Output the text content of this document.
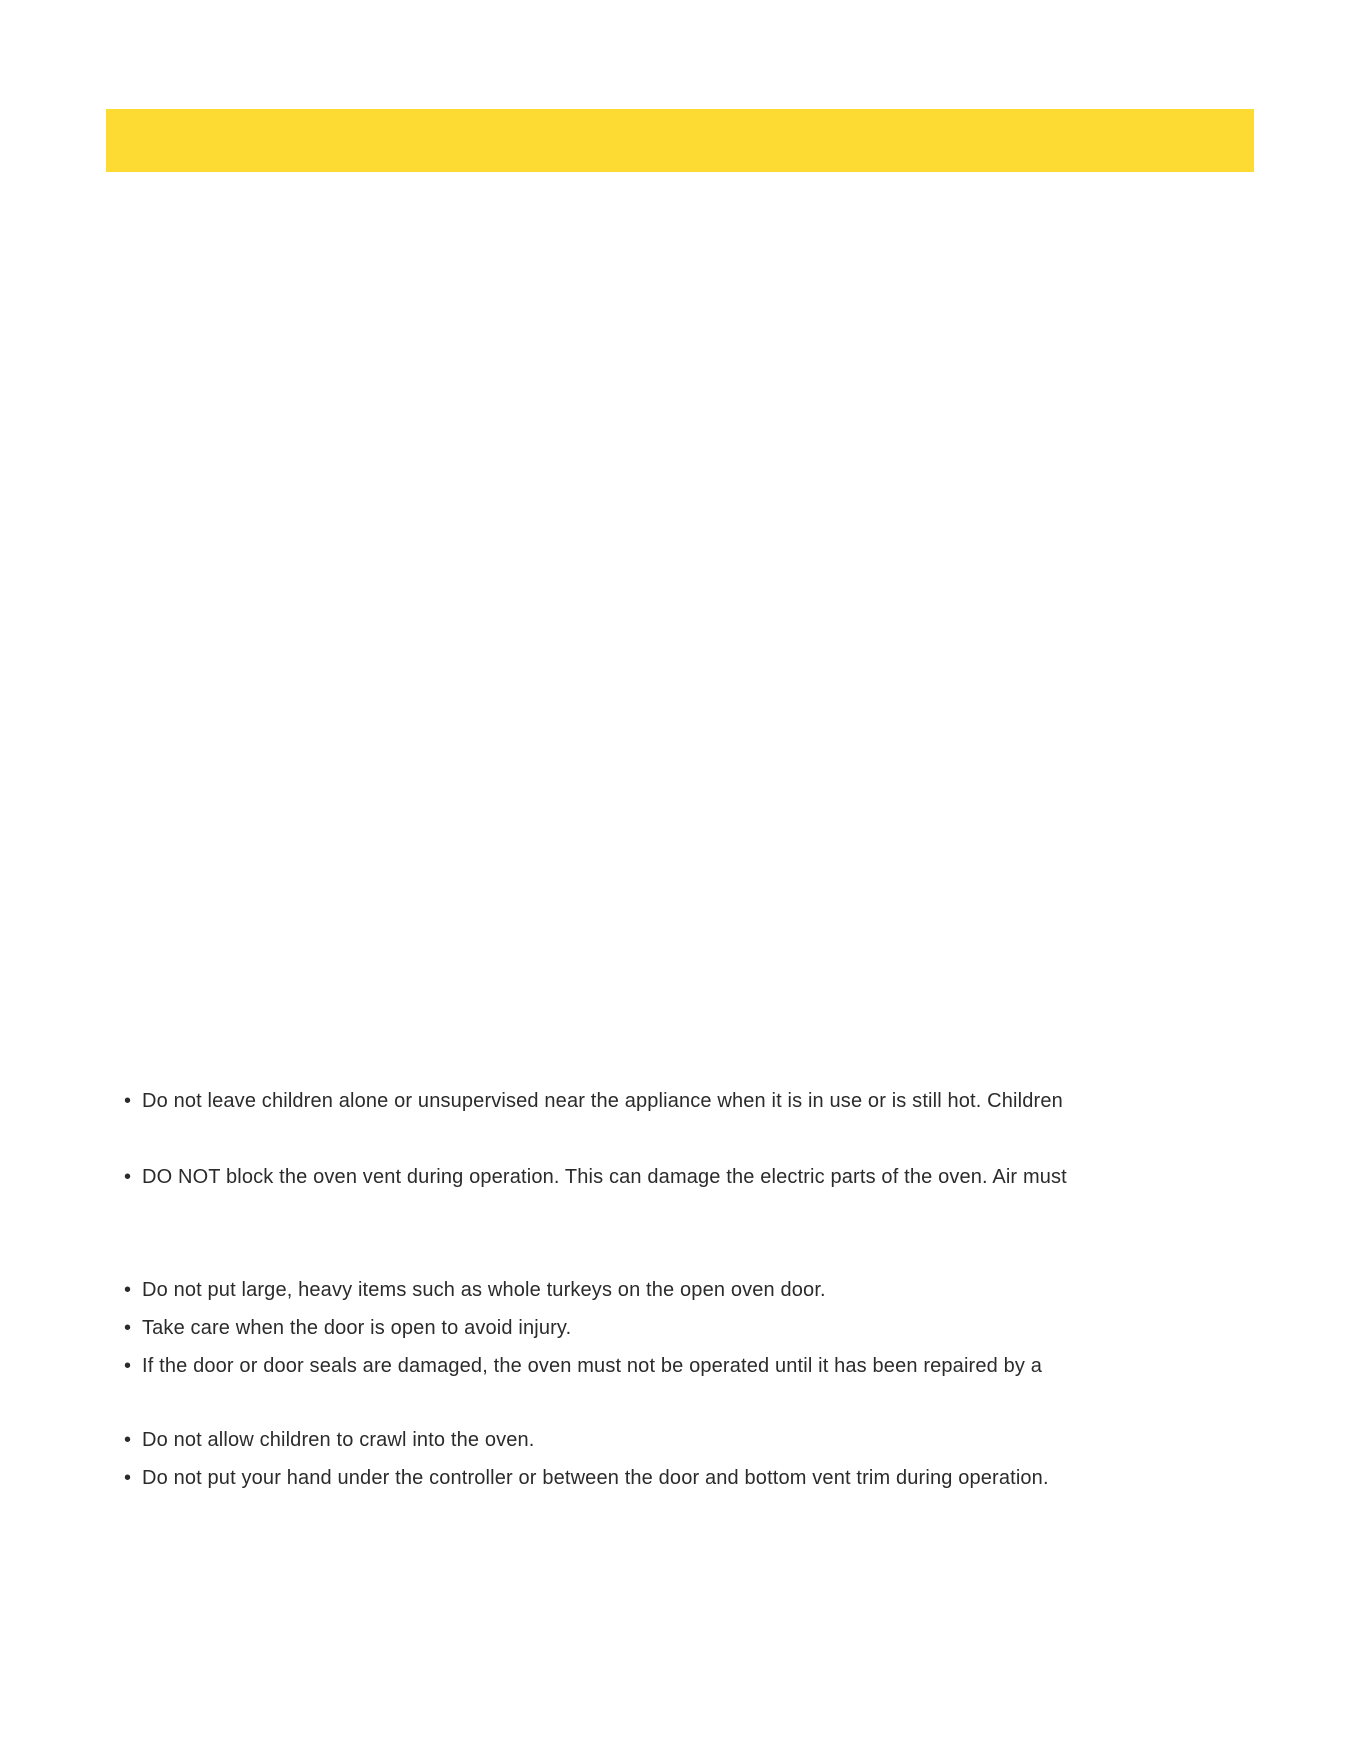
• Do not leave children alone or unsupervised near the appliance when it is in use or is still hot. Children
• DO NOT block the oven vent during operation. This can damage the electric parts of the oven. Air must
• Do not put large, heavy items such as whole turkeys on the open oven door.
• Take care when the door is open to avoid injury.
• If the door or door seals are damaged, the oven must not be operated until it has been repaired by a
• Do not allow children to crawl into the oven.
• Do not put your hand under the controller or between the door and bottom vent trim during operation.
